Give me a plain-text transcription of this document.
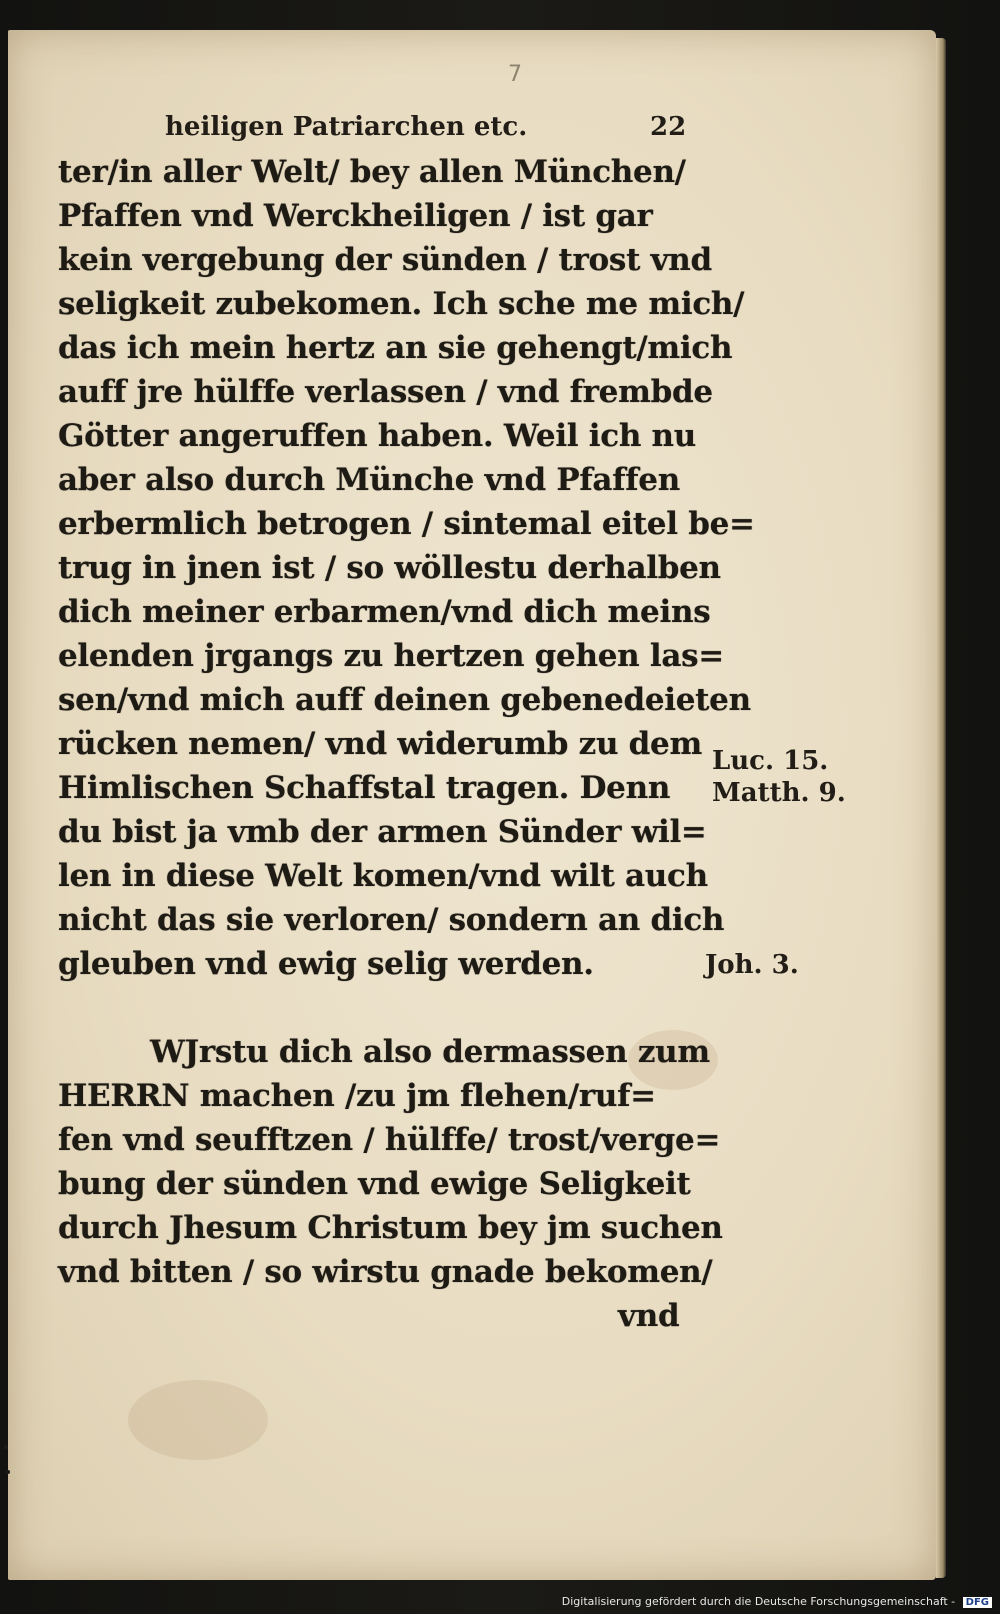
7
heiligen Patriarchen etc.	22
ter/in aller Welt/ bey allen München/
Pfaffen vnd Werckheiligen / ist gar
kein vergebung der sünden / trost vnd
seligkeit zubekomen. Ich sche me mich/
das ich mein hertz an sie gehengt/mich
auff jre hülffe verlassen / vnd frembde
Götter angeruffen haben. Weil ich nu
aber also durch Münche vnd Pfaffen
erbermlich betrogen / sintemal eitel be=
trug in jnen ist / so wöllestu derhalben
dich meiner erbarmen/vnd dich meins
elenden jrgangs zu hertzen gehen las=
sen/vnd mich auff deinen gebenedeieten
rücken nemen/ vnd widerumb zu dem
Himlischen Schaffstal tragen. Denn
du bist ja vmb der armen Sünder wil=
len in diese Welt komen/vnd wilt auch
nicht das sie verloren/ sondern an dich
gleuben vnd ewig selig werden.
WJrstu dich also dermassen zum
HERRN machen /zu jm flehen/ruf=
fen vnd seufftzen / hülffe/ trost/verge=
bung der sünden vnd ewige Seligkeit
durch Jhesum Christum bey jm suchen
vnd bitten / so wirstu gnade bekomen/
vnd
Luc. 15.
Matth. 9.
Joh. 3.
Digitalisierung gefördert durch die Deutsche Forschungsgemeinschaft - DFG
